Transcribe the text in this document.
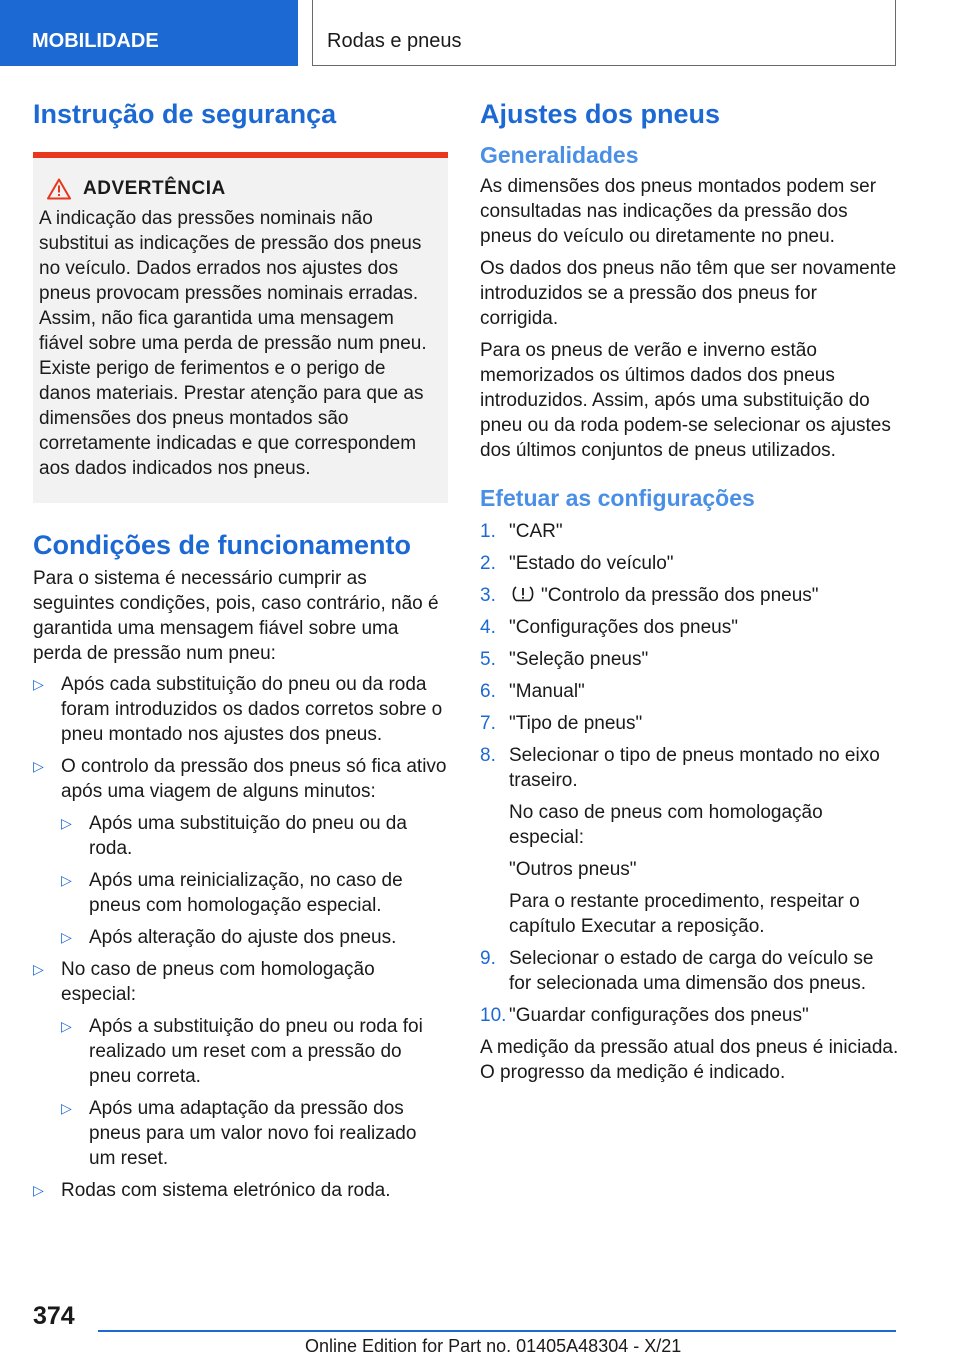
MOBILIDADE	Rodas e pneus
Instrução de segurança
ADVERTÊNCIA

A indicação das pressões nominais não substitui as indicações de pressão dos pneus no veículo. Dados errados nos ajustes dos pneus provocam pressões nominais erradas. Assim, não fica garantida uma mensagem fiável sobre uma perda de pressão num pneu. Existe perigo de ferimentos e o perigo de danos materiais. Prestar atenção para que as dimensões dos pneus montados são corretamente indicadas e que correspondem aos dados indicados nos pneus.

Condições de funcionamento

Para o sistema é necessário cumprir as seguintes condições, pois, caso contrário, não é garantida uma mensagem fiável sobre uma perda de pressão num pneu:

▷ Após cada substituição do pneu ou da roda foram introduzidos os dados corretos sobre o pneu montado nos ajustes dos pneus.
▷ O controlo da pressão dos pneus só fica ativo após uma viagem de alguns minutos:
▷ Após uma substituição do pneu ou da roda.
▷ Após uma reinicialização, no caso de pneus com homologação especial.
▷ Após alteração do ajuste dos pneus.
▷ No caso de pneus com homologação especial:
▷ Após a substituição do pneu ou roda foi realizado um reset com a pressão do pneu correta.
▷ Após uma adaptação da pressão dos pneus para um valor novo foi realizado um reset.
▷ Rodas com sistema eletrónico da roda.
Ajustes dos pneus
Generalidades

As dimensões dos pneus montados podem ser consultadas nas indicações da pressão dos pneus do veículo ou diretamente no pneu.

Os dados dos pneus não têm que ser novamente introduzidos se a pressão dos pneus for corrigida.

Para os pneus de verão e inverno estão memorizados os últimos dados dos pneus introduzidos. Assim, após uma substituição do pneu ou da roda podem-se selecionar os ajustes dos últimos conjuntos de pneus utilizados.

Efetuar as configurações
1. "CAR"
2. "Estado do veículo"
3. "Controlo da pressão dos pneus"
4. "Configurações dos pneus"
5. "Seleção pneus"
6. "Manual"
7. "Tipo de pneus"
8. Selecionar o tipo de pneus montado no eixo traseiro.

No caso de pneus com homologação especial:

"Outros pneus"

Para o restante procedimento, respeitar o capítulo Executar a reposição.

9. Selecionar o estado de carga do veículo se for selecionada uma dimensão dos pneus.
10. "Guardar configurações dos pneus"

A medição da pressão atual dos pneus é iniciada. O progresso da medição é indicado.

374
Online Edition for Part no. 01405A48304 - X/21
